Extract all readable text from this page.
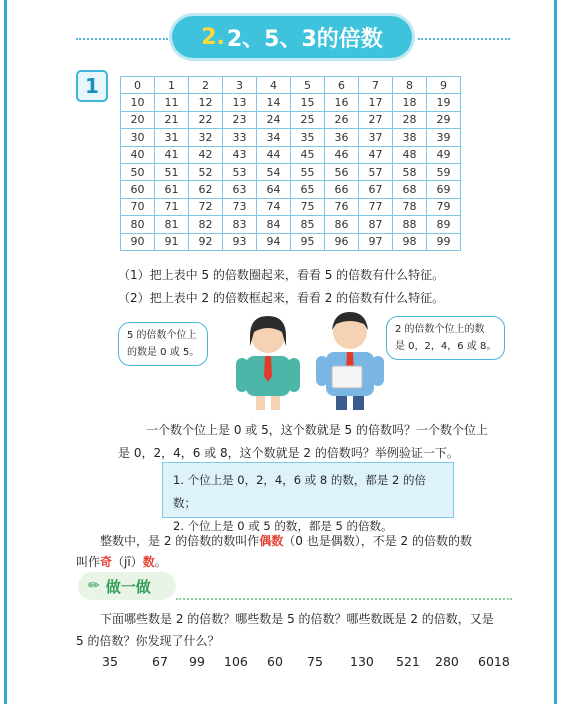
2. 2、5、3的倍数
1	0	1	2	3	4	5	6	7	8	9
10	11	12	13	14	15	16	17	18	19
20	21	22	23	24	25	26	27	28	29
30	31	32	33	34	35	36	37	38	39
40	41	42	43	44	45	46	47	48	49
50	51	52	53	54	55	56	57	58	59
60	61	62	63	64	65	66	67	68	69
70	71	72	73	74	75	76	77	78	79
80	81	82	83	84	85	86	87	88	89
90	91	92	93	94	95	96	97	98	99
（1）把上表中 5 的倍数圈起来，看看 5 的倍数有什么特征。
（2）把上表中 2 的倍数框起来，看看 2 的倍数有什么特征。
5 的倍数个位上
的数是 0 或 5。
2 的倍数个位上的数
是 0，2，4，6 或 8。
一个数个位上是 0 或 5，这个数就是 5 的倍数吗？一个数个位上
是 0，2，4，6 或 8，这个数就是 2 的倍数吗？举例验证一下。
1. 个位上是 0，2，4，6 或 8 的数，都是 2 的倍数；
2. 个位上是 0 或 5 的数，都是 5 的倍数。
整数中，是 2 的倍数的数叫作偶数（0 也是偶数），不是 2 的倍数的数
叫作奇（jī）数。
✏ 做一做
下面哪些数是 2 的倍数？哪些数是 5 的倍数？哪些数既是 2 的倍数，又是
5 的倍数？你发现了什么？
35	67 99 106 60 75 130 521 280 6018
